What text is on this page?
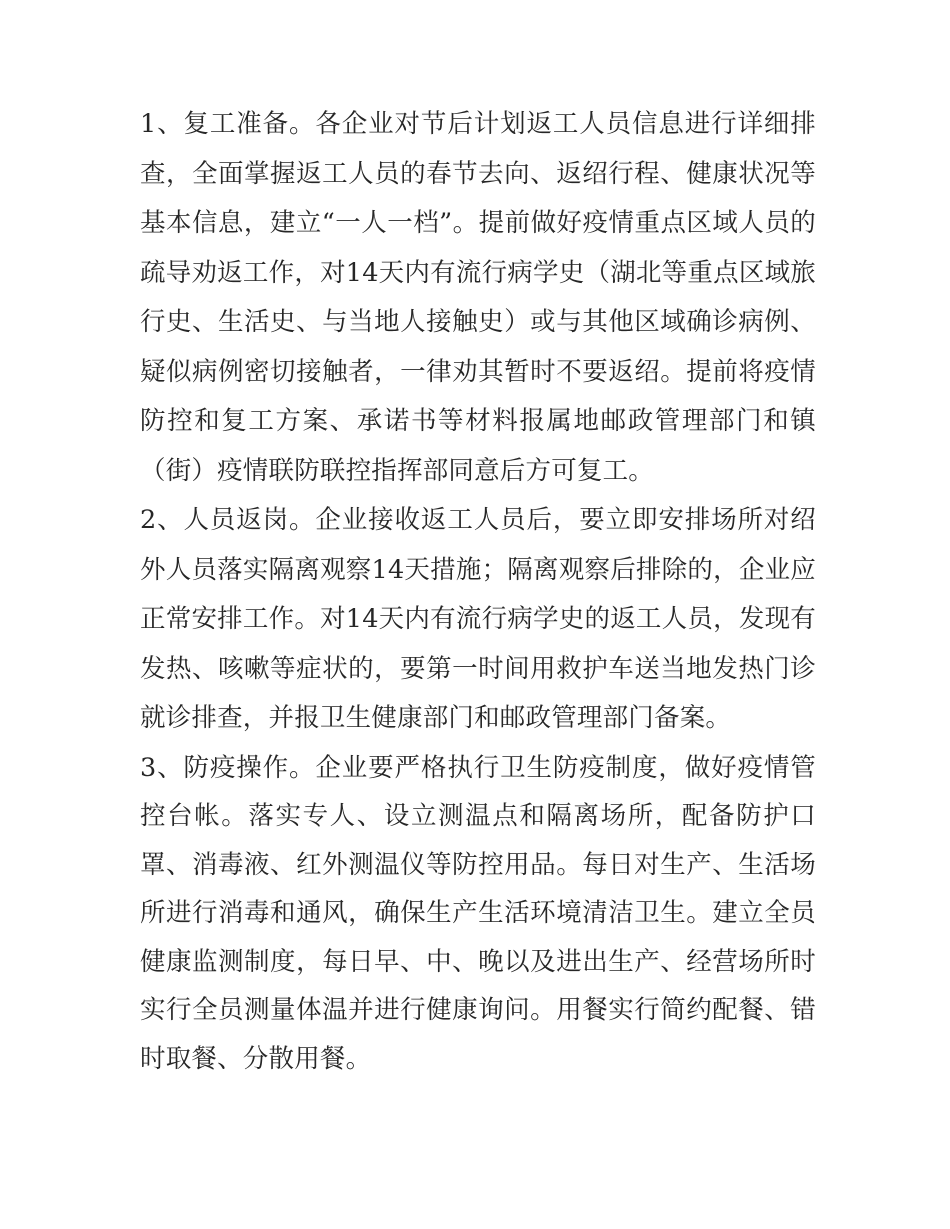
1、复工准备。各企业对节后计划返工人员信息进行详细排查，全面掌握返工人员的春节去向、返绍行程、健康状况等基本信息，建立“一人一档”。提前做好疫情重点区域人员的疏导劝返工作，对14天内有流行病学史（湖北等重点区域旅行史、生活史、与当地人接触史）或与其他区域确诊病例、疑似病例密切接触者，一律劝其暂时不要返绍。提前将疫情防控和复工方案、承诺书等材料报属地邮政管理部门和镇（街）疫情联防联控指挥部同意后方可复工。

2、人员返岗。企业接收返工人员后，要立即安排场所对绍外人员落实隔离观察14天措施；隔离观察后排除的，企业应正常安排工作。对14天内有流行病学史的返工人员，发现有发热、咳嗽等症状的，要第一时间用救护车送当地发热门诊就诊排查，并报卫生健康部门和邮政管理部门备案。

3、防疫操作。企业要严格执行卫生防疫制度，做好疫情管控台帐。落实专人、设立测温点和隔离场所，配备防护口罩、消毒液、红外测温仪等防控用品。每日对生产、生活场所进行消毒和通风，确保生产生活环境清洁卫生。建立全员健康监测制度，每日早、中、晚以及进出生产、经营场所时实行全员测量体温并进行健康询问。用餐实行简约配餐、错时取餐、分散用餐。
